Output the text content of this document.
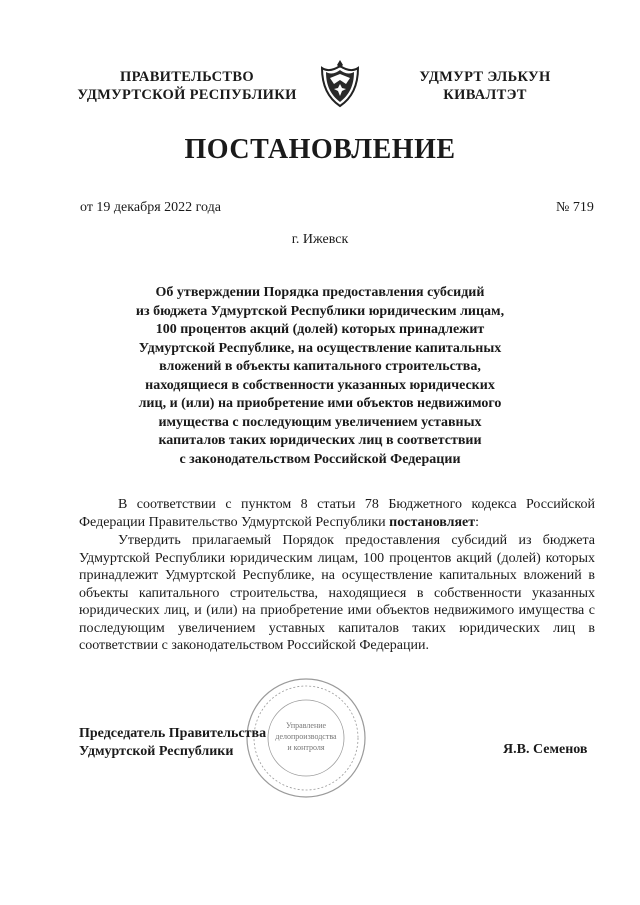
ПРАВИТЕЛЬСТВО
УДМУРТСКОЙ РЕСПУБЛИКИ
УДМУРТ ЭЛЬКУН
КИВАЛТЭТ
ПОСТАНОВЛЕНИЕ
от 19 декабря 2022 года	№ 719
г. Ижевск
Об утверждении Порядка предоставления субсидий
из бюджета Удмуртской Республики юридическим лицам,
100 процентов акций (долей) которых принадлежит
Удмуртской Республике, на осуществление капитальных
вложений в объекты капитального строительства,
находящиеся в собственности указанных юридических
лиц, и (или) на приобретение ими объектов недвижимого
имущества с последующим увеличением уставных
капиталов таких юридических лиц в соответствии
с законодательством Российской Федерации
В соответствии с пунктом 8 статьи 78 Бюджетного кодекса Российской Федерации Правительство Удмуртской Республики постановляет:
Утвердить прилагаемый Порядок предоставления субсидий из бюджета Удмуртской Республики юридическим лицам, 100 процентов акций (долей) которых принадлежит Удмуртской Республике, на осуществление капитальных вложений в объекты капитального строительства, находящиеся в собственности указанных юридических лиц, и (или) на приобретение ими объектов недвижимого имущества с последующим увеличением уставных капиталов таких юридических лиц в соответствии с законодательством Российской Федерации.
Управление
делопроизводства
и контроля
Председатель Правительства
Удмуртской Республики	Я.В. Семенов
